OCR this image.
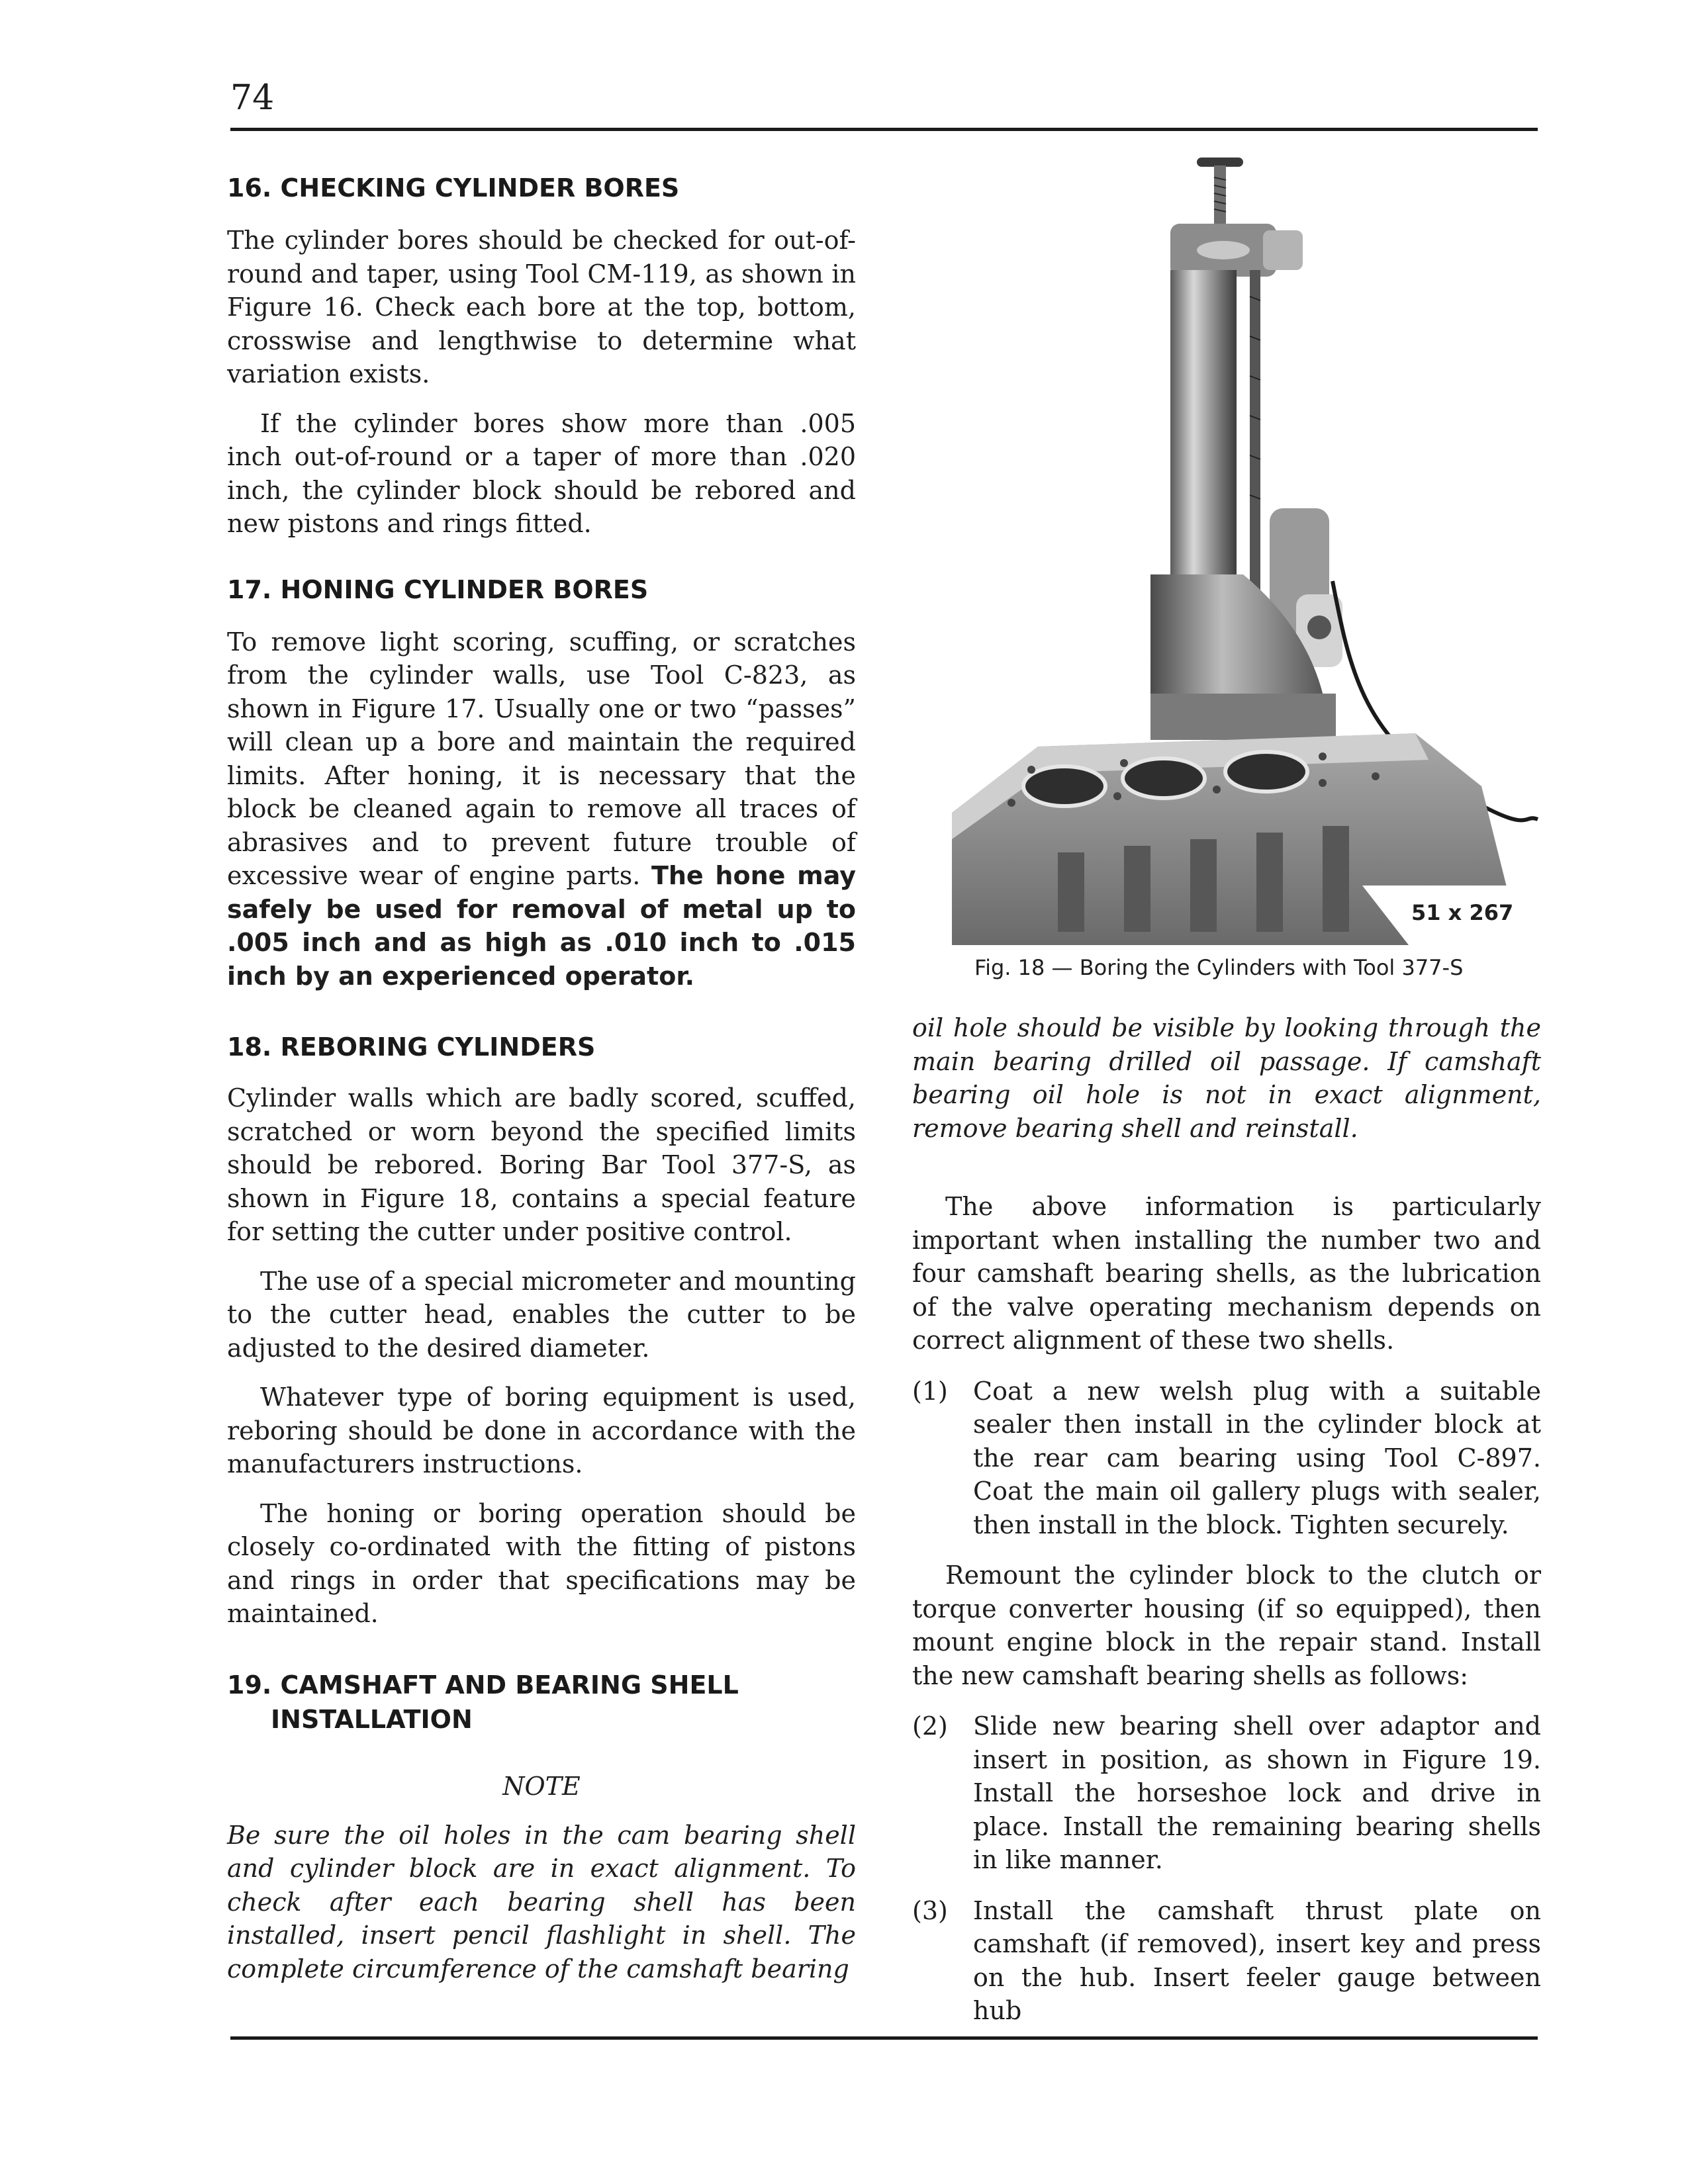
74

16. CHECKING CYLINDER BORES

The cylinder bores should be checked for out-of-round and taper, using Tool CM-119, as shown in Figure 16. Check each bore at the top, bottom, crosswise and lengthwise to determine what variation exists.

If the cylinder bores show more than .005 inch out-of-round or a taper of more than .020 inch, the cylinder block should be rebored and new pistons and rings fitted.

17. HONING CYLINDER BORES

To remove light scoring, scuffing, or scratches from the cylinder walls, use Tool C-823, as shown in Figure 17. Usually one or two “passes” will clean up a bore and maintain the required limits. After honing, it is necessary that the block be cleaned again to remove all traces of abrasives and to prevent future trouble of excessive wear of engine parts. The hone may safely be used for removal of metal up to .005 inch and as high as .010 inch to .015 inch by an experienced operator.

18. REBORING CYLINDERS

Cylinder walls which are badly scored, scuffed, scratched or worn beyond the specified limits should be rebored. Boring Bar Tool 377-S, as shown in Figure 18, contains a special feature for setting the cutter under positive control.

The use of a special micrometer and mounting to the cutter head, enables the cutter to be adjusted to the desired diameter.

Whatever type of boring equipment is used, reboring should be done in accordance with the manufacturers instructions.

The honing or boring operation should be closely co-ordinated with the fitting of pistons and rings in order that specifications may be maintained.

19. CAMSHAFT AND BEARING SHELL
INSTALLATION

NOTE

Be sure the oil holes in the cam bearing shell and cylinder block are in exact alignment. To check after each bearing shell has been installed, insert pencil flashlight in shell. The complete circumference of the camshaft bearing

51 x 267
Fig. 18 — Boring the Cylinders with Tool 377-S

oil hole should be visible by looking through the main bearing drilled oil passage. If camshaft bearing oil hole is not in exact alignment, remove bearing shell and reinstall.

The above information is particularly important when installing the number two and four camshaft bearing shells, as the lubrication of the valve operating mechanism depends on correct alignment of these two shells.

(1) Coat a new welsh plug with a suitable sealer then install in the cylinder block at the rear cam bearing using Tool C-897. Coat the main oil gallery plugs with sealer, then install in the block. Tighten securely.

Remount the cylinder block to the clutch or torque converter housing (if so equipped), then mount engine block in the repair stand. Install the new camshaft bearing shells as follows:

(2) Slide new bearing shell over adaptor and insert in position, as shown in Figure 19. Install the horseshoe lock and drive in place. Install the remaining bearing shells in like manner.
(3) Install the camshaft thrust plate on camshaft (if removed), insert key and press on the hub. Insert feeler gauge between hub
